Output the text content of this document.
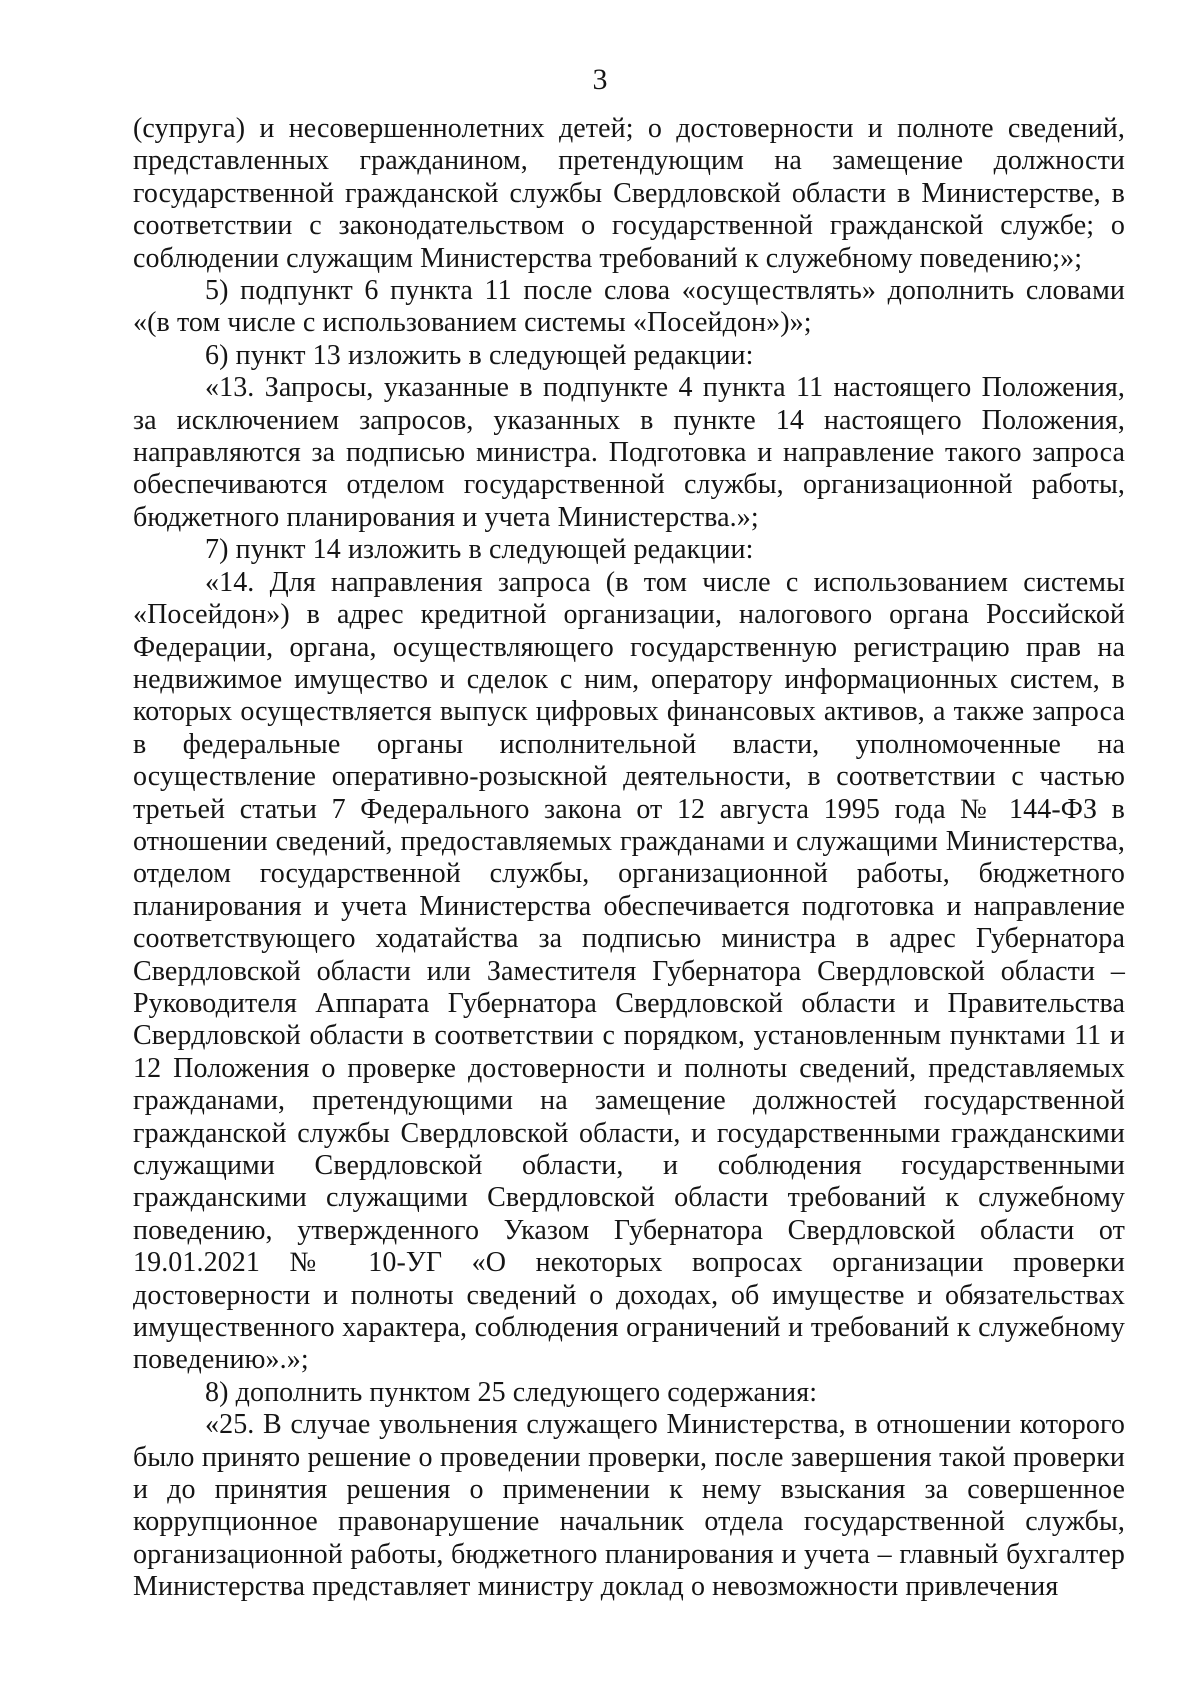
3

(супруга) и несовершеннолетних детей; о достоверности и полноте сведений, представленных гражданином, претендующим на замещение должности государственной гражданской службы Свердловской области в Министерстве, в соответствии с законодательством о государственной гражданской службе; о соблюдении служащим Министерства требований к служебному поведению;»;

5) подпункт 6 пункта 11 после слова «осуществлять» дополнить словами «(в том числе с использованием системы «Посейдон»)»;

6) пункт 13 изложить в следующей редакции:

«13. Запросы, указанные в подпункте 4 пункта 11 настоящего Положения, за исключением запросов, указанных в пункте 14 настоящего Положения, направляются за подписью министра. Подготовка и направление такого запроса обеспечиваются отделом государственной службы, организационной работы, бюджетного планирования и учета Министерства.»;

7) пункт 14 изложить в следующей редакции:

«14. Для направления запроса (в том числе с использованием системы «Посейдон») в адрес кредитной организации, налогового органа Российской Федерации, органа, осуществляющего государственную регистрацию прав на недвижимое имущество и сделок с ним, оператору информационных систем, в которых осуществляется выпуск цифровых финансовых активов, а также запроса в федеральные органы исполнительной власти, уполномоченные на осуществление оперативно-розыскной деятельности, в соответствии с частью третьей статьи 7 Федерального закона от 12 августа 1995 года № 144-ФЗ в отношении сведений, предоставляемых гражданами и служащими Министерства, отделом государственной службы, организационной работы, бюджетного планирования и учета Министерства обеспечивается подготовка и направление соответствующего ходатайства за подписью министра в адрес Губернатора Свердловской области или Заместителя Губернатора Свердловской области – Руководителя Аппарата Губернатора Свердловской области и Правительства Свердловской области в соответствии с порядком, установленным пунктами 11 и 12 Положения о проверке достоверности и полноты сведений, представляемых гражданами, претендующими на замещение должностей государственной гражданской службы Свердловской области, и государственными гражданскими служащими Свердловской области, и соблюдения государственными гражданскими служащими Свердловской области требований к служебному поведению, утвержденного Указом Губернатора Свердловской области от 19.01.2021 № 10-УГ «О некоторых вопросах организации проверки достоверности и полноты сведений о доходах, об имуществе и обязательствах имущественного характера, соблюдения ограничений и требований к служебному поведению».»;

8) дополнить пунктом 25 следующего содержания:

«25. В случае увольнения служащего Министерства, в отношении которого было принято решение о проведении проверки, после завершения такой проверки и до принятия решения о применении к нему взыскания за совершенное коррупционное правонарушение начальник отдела государственной службы, организационной работы, бюджетного планирования и учета – главный бухгалтер Министерства представляет министру доклад о невозможности привлечения
